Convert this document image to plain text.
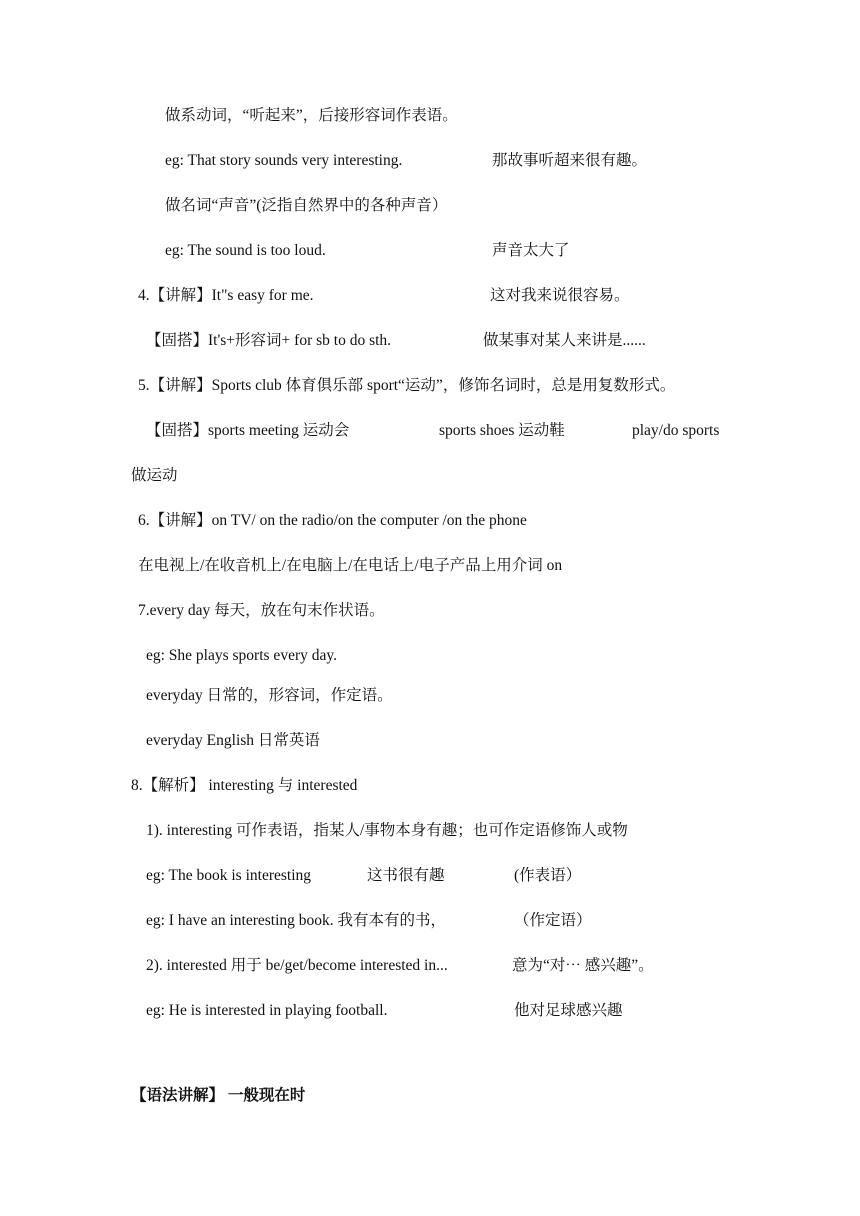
做系动词，“听起来”，后接形容词作表语。
eg: That story sounds very interesting.	那故事听超来很有趣。
做名词“声音”(泛指自然界中的各种声音）
eg: The sound is too loud.	声音太大了
4.【讲解】It"s easy for me.	这对我来说很容易。
【固搭】It's+形容词+ for sb to do sth.	做某事对某人来讲是......
5.【讲解】Sports club 体育俱乐部 sport“运动”，修饰名词时，总是用复数形式。
【固搭】sports meeting 运动会	sports shoes 运动鞋	play/do sports
做运动
6.【讲解】on TV/ on the radio/on the computer /on the phone
在电视上/在收音机上/在电脑上/在电话上/电子产品上用介词 on
7.every day 每天，放在句末作状语。
eg: She plays sports every day.
everyday 日常的，形容词，作定语。
everyday English 日常英语
8.【解析】 interesting 与 interested
1). interesting 可作表语，指某人/事物本身有趣；也可作定语修饰人或物
eg: The book is interesting	这书很有趣	(作表语）
eg: I have an interesting book. 我有本有的书，	（作定语）
2). interested 用于 be/get/become interested in...	意为“对⋯ 感兴趣”。
eg: He is interested in playing football.	他对足球感兴趣
【语法讲解】 一般现在时
